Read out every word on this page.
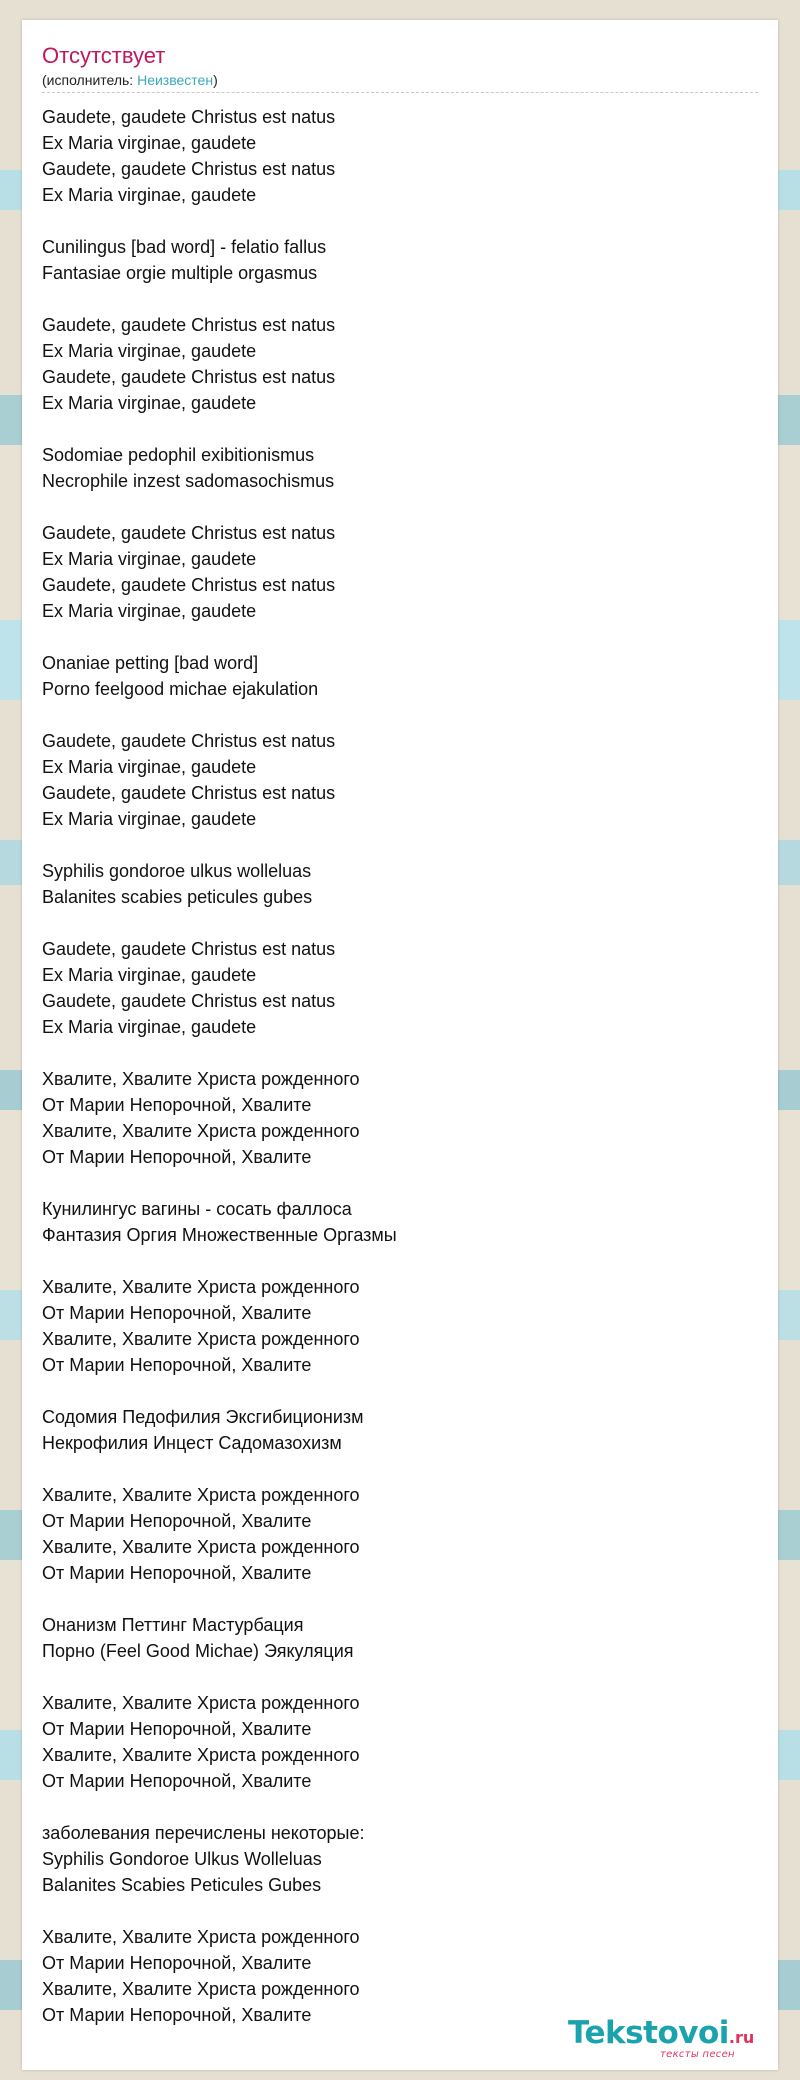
Отсутствует
(исполнитель: Неизвестен)
Gaudete, gaudete Christus est natus
Ex Maria virginae, gaudete
Gaudete, gaudete Christus est natus
Ex Maria virginae, gaudete
Cunilingus [bad word] - felatio fallus
Fantasiae orgie multiple orgasmus
Gaudete, gaudete Christus est natus
Ex Maria virginae, gaudete
Gaudete, gaudete Christus est natus
Ex Maria virginae, gaudete
Sodomiae pedophil exibitionismus
Necrophile inzest sadomasochismus
Gaudete, gaudete Christus est natus
Ex Maria virginae, gaudete
Gaudete, gaudete Christus est natus
Ex Maria virginae, gaudete
Onaniae petting [bad word]
Porno feelgood michae ejakulation
Gaudete, gaudete Christus est natus
Ex Maria virginae, gaudete
Gaudete, gaudete Christus est natus
Ex Maria virginae, gaudete
Syphilis gondoroe ulkus wolleluas
Balanites scabies peticules gubes
Gaudete, gaudete Christus est natus
Ex Maria virginae, gaudete
Gaudete, gaudete Christus est natus
Ex Maria virginae, gaudete
Хвалите, Хвалите Христа рожденного
От Марии Непорочной, Хвалите
Хвалите, Хвалите Христа рожденного
От Марии Непорочной, Хвалите
Кунилингус вагины - сосать фаллоса
Фантазия Оргия Множественные Оргазмы
Хвалите, Хвалите Христа рожденного
От Марии Непорочной, Хвалите
Хвалите, Хвалите Христа рожденного
От Марии Непорочной, Хвалите
Содомия Педофилия Эксгибиционизм
Некрофилия Инцест Садомазохизм
Хвалите, Хвалите Христа рожденного
От Марии Непорочной, Хвалите
Хвалите, Хвалите Христа рожденного
От Марии Непорочной, Хвалите
Онанизм Петтинг Мастурбация
Порно (Feel Good Michae) Эякуляция
Хвалите, Хвалите Христа рожденного
От Марии Непорочной, Хвалите
Хвалите, Хвалите Христа рожденного
От Марии Непорочной, Хвалите
заболевания перечислены некоторые:
Syphilis Gondoroe Ulkus Wolleluas
Balanites Scabies Peticules Gubes
Хвалите, Хвалите Христа рожденного
От Марии Непорочной, Хвалите
Хвалите, Хвалите Христа рожденного
От Марии Непорочной, Хвалите	Tekstovoi.ru
тексты песен
